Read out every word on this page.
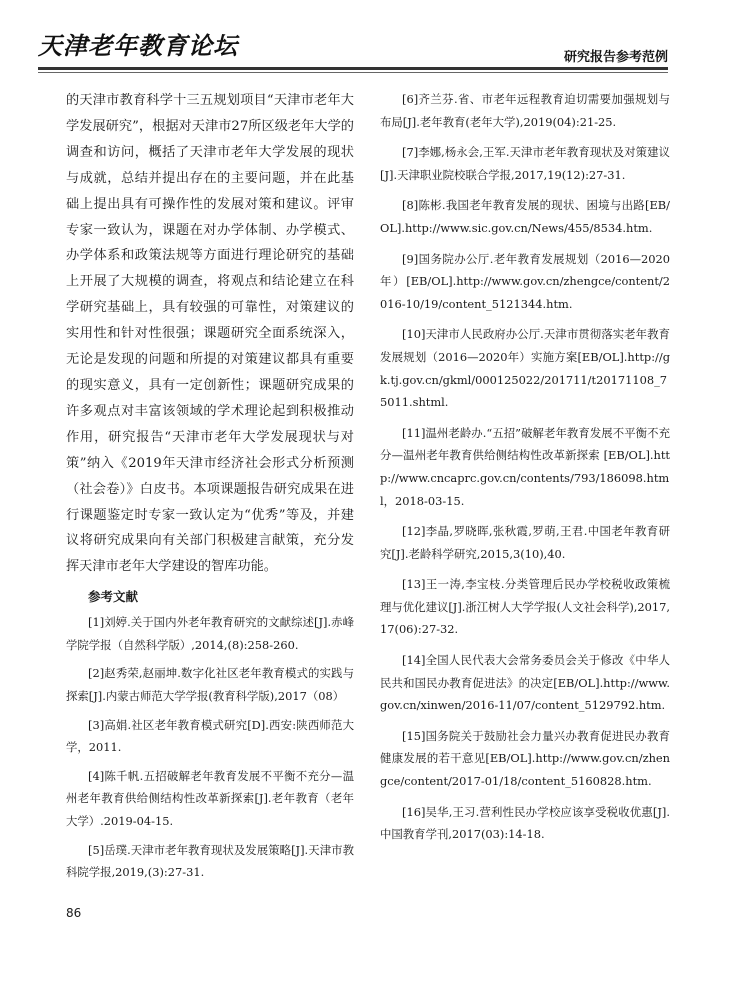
天津老年教育论坛	研究报告参考范例

的天津市教育科学十三五规划项目“天津市老年大学发展研究”，根据对天津市27所区级老年大学的调查和访问，概括了天津市老年大学发展的现状与成就，总结并提出存在的主要问题，并在此基础上提出具有可操作性的发展对策和建议。评审专家一致认为，课题在对办学体制、办学模式、办学体系和政策法规等方面进行理论研究的基础上开展了大规模的调查，将观点和结论建立在科学研究基础上，具有较强的可靠性，对策建议的实用性和针对性很强；课题研究全面系统深入，无论是发现的问题和所提的对策建议都具有重要的现实意义，具有一定创新性；课题研究成果的许多观点对丰富该领域的学术理论起到积极推动作用，研究报告“天津市老年大学发展现状与对策”纳入《2019年天津市经济社会形式分析预测（社会卷）》白皮书。本项课题报告研究成果在进行课题鉴定时专家一致认定为“优秀”等及，并建议将研究成果向有关部门积极建言献策，充分发挥天津市老年大学建设的智库功能。

参考文献

[1]刘婷.关于国内外老年教育研究的文献综述[J].赤峰学院学报（自然科学版）,2014,(8):258-260.

[2]赵秀荣,赵丽坤.数字化社区老年教育模式的实践与探索[J].内蒙古师范大学学报(教育科学版),2017（08）

[3]高娟.社区老年教育模式研究[D].西安:陕西师范大学，2011.

[4]陈千帆.五招破解老年教育发展不平衡不充分—温州老年教育供给侧结构性改革新探索[J].老年教育（老年大学）.2019-04-15.

[5]岳璞.天津市老年教育现状及发展策略[J].天津市教科院学报,2019,(3):27-31.

[6]齐兰芬.省、市老年远程教育迫切需要加强规划与布局[J].老年教育(老年大学),2019(04):21-25.

[7]李娜,杨永会,王军.天津市老年教育现状及对策建议[J].天津职业院校联合学报,2017,19(12):27-31.

[8]陈彬.我国老年教育发展的现状、困境与出路[EB/OL].http://www.sic.gov.cn/News/455/8534.htm.

[9]国务院办公厅.老年教育发展规划（2016—2020年）[EB/OL].http://www.gov.cn/zhengce/content/2016-10/19/content_5121344.htm.

[10]天津市人民政府办公厅.天津市贯彻落实老年教育发展规划（2016—2020年）实施方案[EB/OL].http://gk.tj.gov.cn/gkml/000125022/201711/t20171108_75011.shtml.

[11]温州老龄办.“五招”破解老年教育发展不平衡不充分—温州老年教育供给侧结构性改革新探索 [EB/OL].http://www.cncaprc.gov.cn/contents/793/186098.html，2018-03-15.

[12]李晶,罗晓晖,张秋霞,罗萌,王君.中国老年教育研究[J].老龄科学研究,2015,3(10),40.

[13]王一涛,李宝枝.分类管理后民办学校税收政策梳理与优化建议[J].浙江树人大学学报(人文社会科学),2017,17(06):27-32.

[14]全国人民代表大会常务委员会关于修改《中华人民共和国民办教育促进法》的决定[EB/OL].http://www.gov.cn/xinwen/2016-11/07/content_5129792.htm.

[15]国务院关于鼓励社会力量兴办教育促进民办教育健康发展的若干意见[EB/OL].http://www.gov.cn/zhengce/content/2017-01/18/content_5160828.htm.

[16]吴华,王习.营利性民办学校应该享受税收优惠[J].中国教育学刊,2017(03):14-18.

86
